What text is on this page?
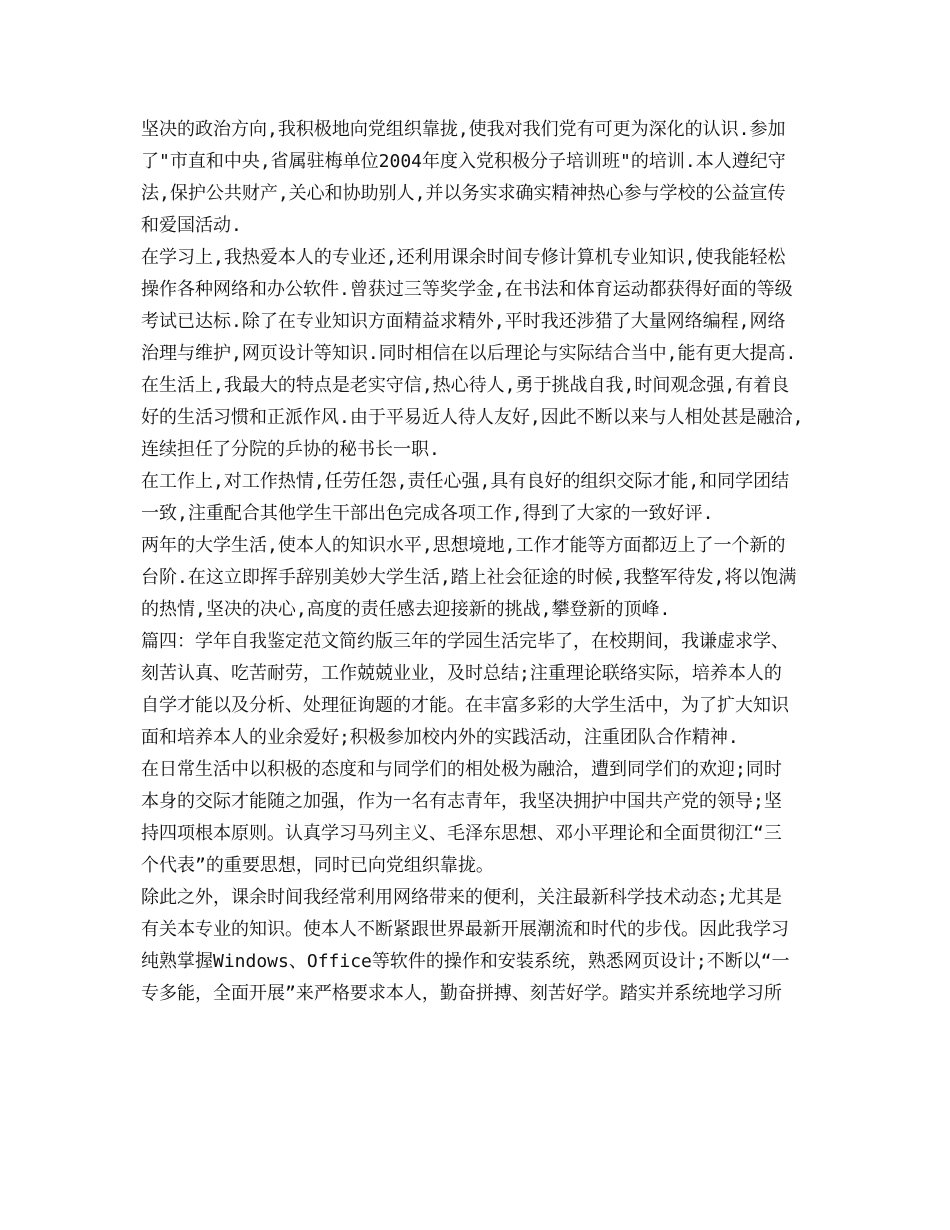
坚决的政治方向,我积极地向党组织靠拢,使我对我们党有可更为深化的认识.参加
了"市直和中央,省属驻梅单位2004年度入党积极分子培训班"的培训.本人遵纪守
法,保护公共财产,关心和协助别人,并以务实求确实精神热心参与学校的公益宣传
和爱国活动.
在学习上,我热爱本人的专业还,还利用课余时间专修计算机专业知识,使我能轻松
操作各种网络和办公软件.曾获过三等奖学金,在书法和体育运动都获得好面的等级
考试已达标.除了在专业知识方面精益求精外,平时我还涉猎了大量网络编程,网络
治理与维护,网页设计等知识.同时相信在以后理论与实际结合当中,能有更大提高.
在生活上,我最大的特点是老实守信,热心待人,勇于挑战自我,时间观念强,有着良
好的生活习惯和正派作风.由于平易近人待人友好,因此不断以来与人相处甚是融洽,
连续担任了分院的乒协的秘书长一职.
在工作上,对工作热情,任劳任怨,责任心强,具有良好的组织交际才能,和同学团结
一致,注重配合其他学生干部出色完成各项工作,得到了大家的一致好评.
两年的大学生活,使本人的知识水平,思想境地,工作才能等方面都迈上了一个新的
台阶.在这立即挥手辞别美妙大学生活,踏上社会征途的时候,我整军待发,将以饱满
的热情,坚决的决心,高度的责任感去迎接新的挑战,攀登新的顶峰.
篇四：学年自我鉴定范文简约版三年的学园生活完毕了，在校期间，我谦虚求学、
刻苦认真、吃苦耐劳，工作兢兢业业，及时总结;注重理论联络实际，培养本人的
自学才能以及分析、处理征询题的才能。在丰富多彩的大学生活中，为了扩大知识
面和培养本人的业余爱好;积极参加校内外的实践活动，注重团队合作精神.
在日常生活中以积极的态度和与同学们的相处极为融洽，遭到同学们的欢迎;同时
本身的交际才能随之加强，作为一名有志青年，我坚决拥护中国共产党的领导;坚
持四项根本原则。认真学习马列主义、毛泽东思想、邓小平理论和全面贯彻江“三
个代表”的重要思想，同时已向党组织靠拢。
除此之外，课余时间我经常利用网络带来的便利，关注最新科学技术动态;尤其是
有关本专业的知识。使本人不断紧跟世界最新开展潮流和时代的步伐。因此我学习
纯熟掌握Windows、Office等软件的操作和安装系统，熟悉网页设计;不断以“一
专多能，全面开展”来严格要求本人，勤奋拼搏、刻苦好学。踏实并系统地学习所
